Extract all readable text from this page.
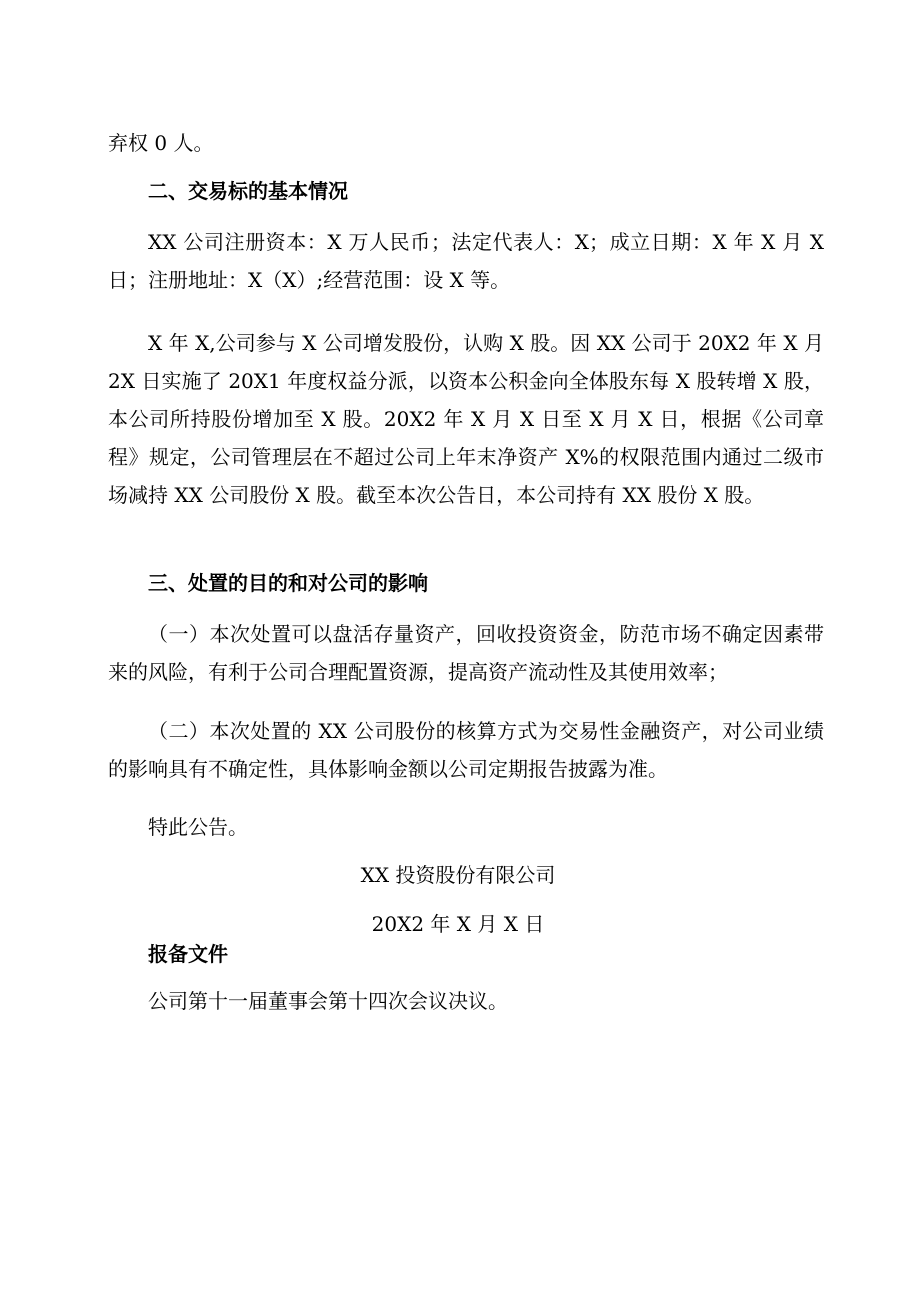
弃权 0 人。

二、交易标的基本情况

XX 公司注册资本：X 万人民币；法定代表人：X；成立日期：X 年 X 月 X 日；注册地址：X（X）;经营范围：设 X 等。

X 年 X,公司参与 X 公司增发股份，认购 X 股。因 XX 公司于 20X2 年 X 月 2X 日实施了 20X1 年度权益分派，以资本公积金向全体股东每 X 股转增 X 股，本公司所持股份增加至 X 股。20X2 年 X 月 X 日至 X 月 X 日，根据《公司章程》规定，公司管理层在不超过公司上年末净资产 X%的权限范围内通过二级市场减持 XX 公司股份 X 股。截至本次公告日，本公司持有 XX 股份 X 股。

三、处置的目的和对公司的影响

（一）本次处置可以盘活存量资产，回收投资资金，防范市场不确定因素带来的风险，有利于公司合理配置资源，提高资产流动性及其使用效率；

（二）本次处置的 XX 公司股份的核算方式为交易性金融资产，对公司业绩的影响具有不确定性，具体影响金额以公司定期报告披露为准。

特此公告。

XX 投资股份有限公司

20X2 年 X 月 X 日

报备文件

公司第十一届董事会第十四次会议决议。
